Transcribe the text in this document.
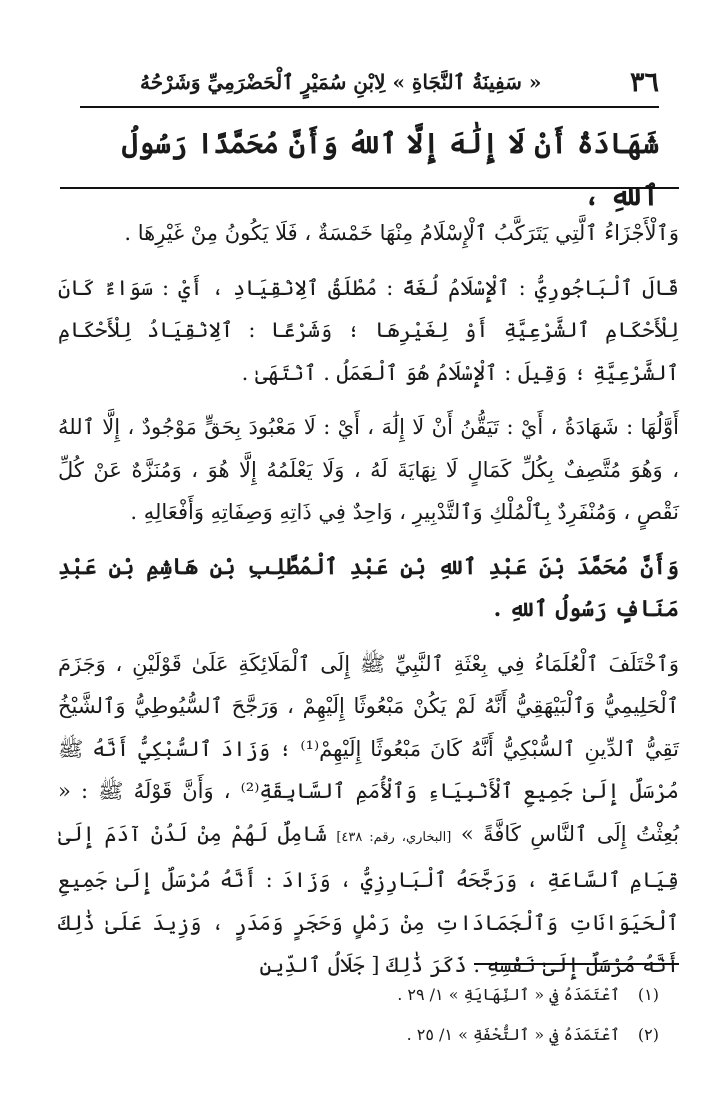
٣٦
« سَفِينَةُ ٱلنَّجَاةِ » لِابْنِ سُمَيْرٍ ٱلْحَضْرَمِيِّ وَشَرْحُهُ
شَهَادَةُ أَنْ لَا إِلَٰهَ إِلَّا ٱللهُ وَأَنَّ مُحَمَّدًا رَسُولُ ٱللهِ ،

وَٱلْأَجْزَاءُ ٱلَّتِي يَتَرَكَّبُ ٱلْإِسْلَامُ مِنْهَا خَمْسَةٌ ، فَلَا يَكُونُ مِنْ غَيْرِهَا .

قَالَ ٱلْبَاجُورِيُّ : ٱلْإِسْلَامُ لُغَةً : مُطْلَقُ ٱلِانْقِيَادِ ، أَيْ : سَوَاءٌ كَانَ لِلْأَحْكَامِ ٱلشَّرْعِيَّةِ أَوْ لِغَيْرِهَا ؛ وَشَرْعًا : ٱلِانْقِيَادُ لِلْأَحْكَامِ ٱلشَّرْعِيَّةِ ؛ وَقِيلَ : ٱلْإِسْلَامُ هُوَ ٱلْعَمَلُ . ٱنْتَهَىٰ .

أَوَّلُهَا : شَهَادَةُ ، أَيْ : تَيَقُّنُ أَنْ لَا إِلَٰهَ ، أَيْ : لَا مَعْبُودَ بِحَقٍّ مَوْجُودٌ ، إِلَّا ٱللهُ ، وَهُوَ مُتَّصِفٌ بِكُلِّ كَمَالٍ لَا نِهَايَةَ لَهُ ، وَلَا يَعْلَمُهُ إِلَّا هُوَ ، وَمُنَزَّهٌ عَنْ كُلِّ نَقْصٍ ، وَمُنْفَرِدٌ بِٱلْمُلْكِ وَٱلتَّدْبِيرِ ، وَاحِدٌ فِي ذَاتِهِ وَصِفَاتِهِ وَأَفْعَالِهِ .

وَأَنَّ مُحَمَّدَ بْنَ عَبْدِ ٱللهِ بْنِ عَبْدِ ٱلْمُطَّلِبِ بْنِ هَاشِمِ بْنِ عَبْدِ مَنَافٍ رَسُولُ ٱللهِ .

وَٱخْتَلَفَ ٱلْعُلَمَاءُ فِي بِعْثَةِ ٱلنَّبِيِّ ﷺ إِلَى ٱلْمَلَائِكَةِ عَلَىٰ قَوْلَيْنِ ، وَجَزَمَ ٱلْحَلِيمِيُّ وَٱلْبَيْهَقِيُّ أَنَّهُ لَمْ يَكُنْ مَبْعُوثًا إِلَيْهِمْ ، وَرَجَّحَ ٱلسُّيُوطِيُّ وَٱلشَّيْخُ تَقِيُّ ٱلدِّينِ ٱلسُّبْكِيُّ أَنَّهُ كَانَ مَبْعُوثًا إِلَيْهِمْ⁽¹⁾ ؛ وَزَادَ ٱلسُّبْكِيُّ أَنَّهُ ﷺ مُرْسَلٌ إِلَىٰ جَمِيعِ ٱلْأَنْبِيَاءِ وَٱلْأُمَمِ ٱلسَّابِقَةِ⁽²⁾ ، وَأَنَّ قَوْلَهُ ﷺ : « بُعِثْتُ إِلَى ٱلنَّاسِ كَافَّةً » [البخاري، رقم: ٤٣٨] شَامِلٌ لَهُمْ مِنْ لَدُنْ آدَمَ إِلَىٰ قِيَامِ ٱلسَّاعَةِ ، وَرَجَّحَهُ ٱلْبَارِزِيُّ ، وَزَادَ : أَنَّهُ مُرْسَلٌ إِلَىٰ جَمِيعِ ٱلْحَيَوَانَاتِ وَٱلْجَمَادَاتِ مِنْ رَمْلٍ وَحَجَرٍ وَمَدَرٍ ، وَزِيدَ عَلَىٰ ذَٰلِكَ أَنَّهُ مُرْسَلٌ إِلَىٰ نَفْسِهِ . ذَكَرَ ذَٰلِكَ [ جَلَالُ ٱلدِّينِ

(١)
ٱعْتَمَدَهُ فِي « ٱلنِّهَايَةِ » ١/ ٢٩ .
(٢)
ٱعْتَمَدَهُ فِي « ٱلتُّحْفَةِ » ١/ ٢٥ .
